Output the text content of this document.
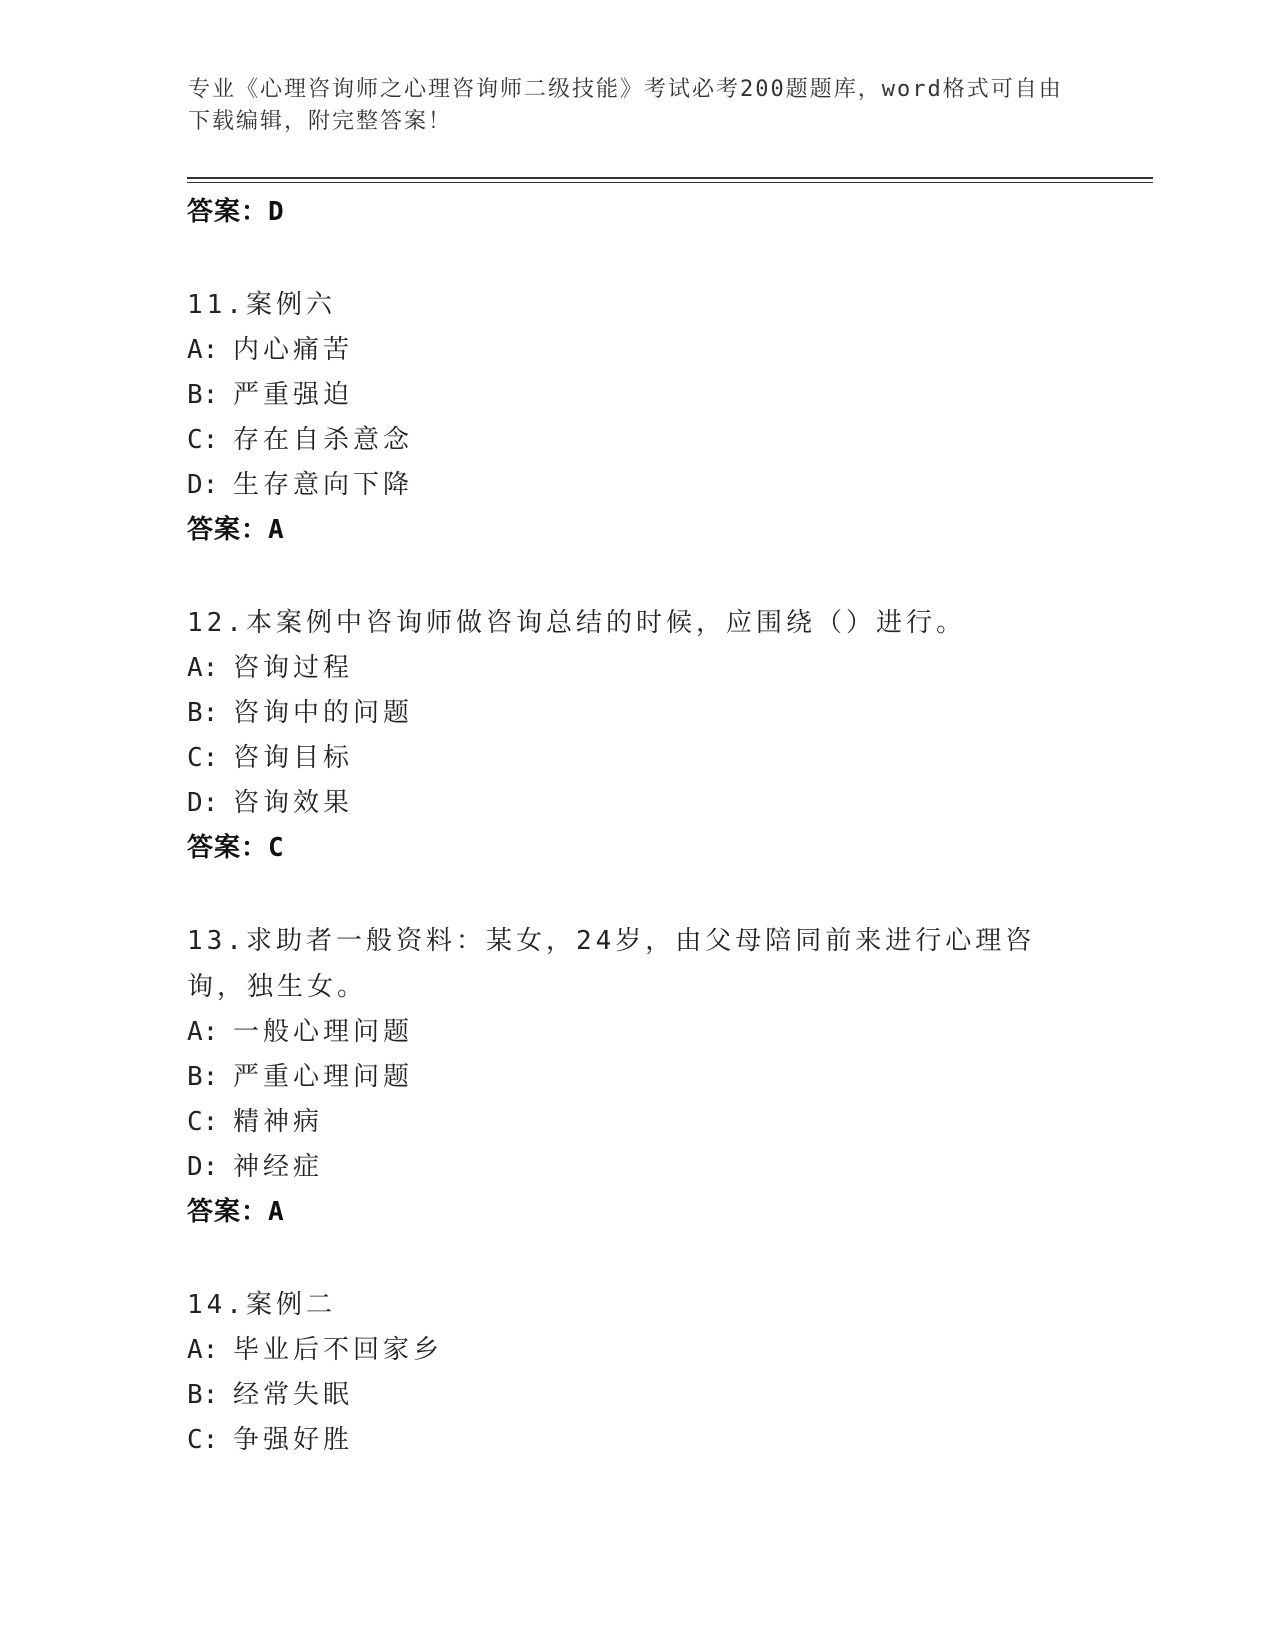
专业《心理咨询师之心理咨询师二级技能》考试必考200题题库，word格式可自由下载编辑，附完整答案！
答案：D
11.案例六
A: 内心痛苦
B: 严重强迫
C: 存在自杀意念
D: 生存意向下降
答案：A
12.本案例中咨询师做咨询总结的时候，应围绕（）进行。
A: 咨询过程
B: 咨询中的问题
C: 咨询目标
D: 咨询效果
答案：C
13.求助者一般资料：某女，24岁，由父母陪同前来进行心理咨询，独生女。
A: 一般心理问题
B: 严重心理问题
C: 精神病
D: 神经症
答案：A
14.案例二
A: 毕业后不回家乡
B: 经常失眠
C: 争强好胜
